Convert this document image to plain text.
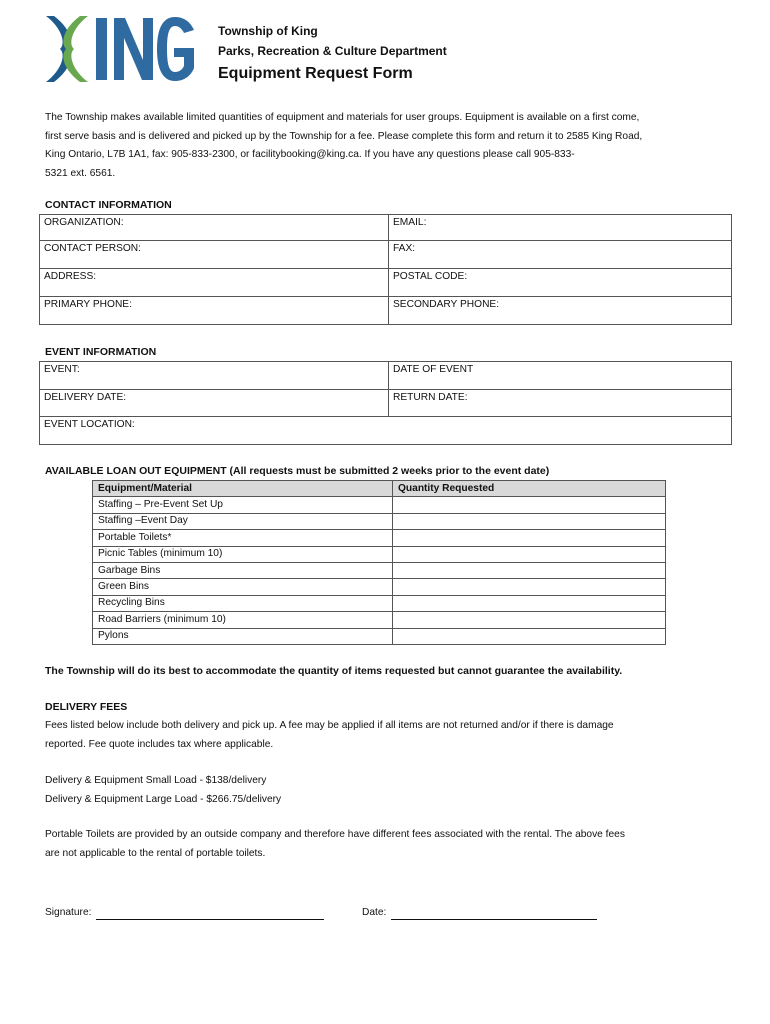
Township of King
Parks, Recreation & Culture Department
Equipment Request Form

The Township makes available limited quantities of equipment and materials for user groups. Equipment is available on a first come,

first serve basis and is delivered and picked up by the Township for a fee. Please complete this form and return it to 2585 King Road,

King Ontario, L7B 1A1, fax: 905-833-2300, or facilitybooking@king.ca. If you have any questions please call 905-833-

5321 ext. 6561.

CONTACT INFORMATION
ORGANIZATION:	EMAIL:
CONTACT PERSON:	FAX:
ADDRESS:	POSTAL CODE:
PRIMARY PHONE:	SECONDARY PHONE:
EVENT INFORMATION
EVENT:	DATE OF EVENT
DELIVERY DATE:	RETURN DATE:
EVENT LOCATION:	
AVAILABLE LOAN OUT EQUIPMENT (All requests must be submitted 2 weeks prior to the event date)
Equipment/Material	Quantity Requested
Staffing – Pre-Event Set Up	
Staffing –Event Day	
Portable Toilets*	
Picnic Tables (minimum 10)	
Garbage Bins	
Green Bins	
Recycling Bins	
Road Barriers (minimum 10)	
Pylons	
The Township will do its best to accommodate the quantity of items requested but cannot guarantee the availability.
DELIVERY FEES
Fees listed below include both delivery and pick up. A fee may be applied if all items are not returned and/or if there is damage
reported. Fee quote includes tax where applicable.
Delivery & Equipment Small Load - $138/delivery
Delivery & Equipment Large Load - $266.75/delivery
Portable Toilets are provided by an outside company and therefore have different fees associated with the rental. The above fees
are not applicable to the rental of portable toilets.
Signature:	Date:
